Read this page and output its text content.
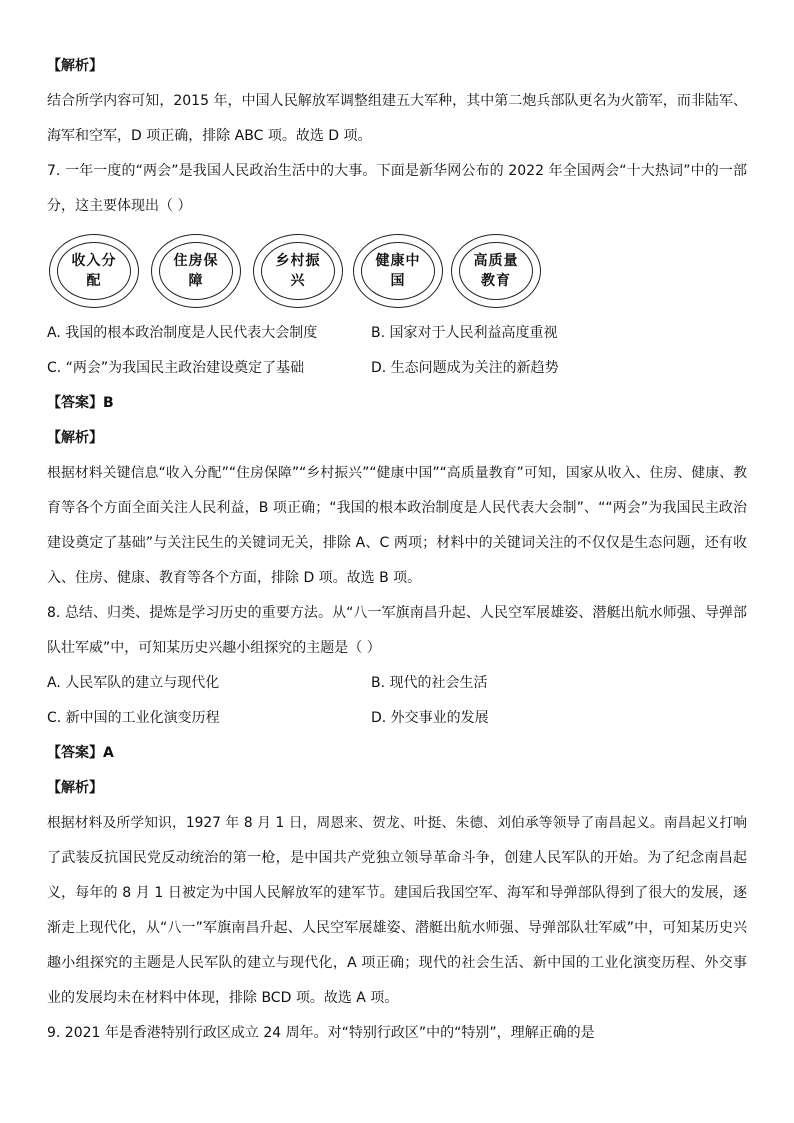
【解析】
结合所学内容可知，2015 年，中国人民解放军调整组建五大军种，其中第二炮兵部队更名为火箭军，而非陆军、
海军和空军，D 项正确，排除 ABC 项。故选 D 项。
7. 一年一度的“两会”是我国人民政治生活中的大事。下面是新华网公布的 2022 年全国两会“十大热词”中的一部
分，这主要体现出（ ）
收入分配
住房保障
乡村振兴
健康中国
高质量教育
A. 我国的根本政治制度是人民代表大会制度	B. 国家对于人民利益高度重视
C. “两会”为我国民主政治建设奠定了基础	D. 生态问题成为关注的新趋势
【答案】B
【解析】
根据材料关键信息“收入分配”“住房保障”“乡村振兴”“健康中国”“高质量教育”可知，国家从收入、住房、健康、教
育等各个方面全面关注人民利益，B 项正确；“我国的根本政治制度是人民代表大会制”、““两会”为我国民主政治
建设奠定了基础”与关注民生的关键词无关，排除 A、C 两项；材料中的关键词关注的不仅仅是生态问题，还有收
入、住房、健康、教育等各个方面，排除 D 项。故选 B 项。
8. 总结、归类、提炼是学习历史的重要方法。从“八一军旗南昌升起、人民空军展雄姿、潜艇出航水师强、导弹部
队壮军威”中，可知某历史兴趣小组探究的主题是（ ）
A. 人民军队的建立与现代化	B. 现代的社会生活
C. 新中国的工业化演变历程	D. 外交事业的发展
【答案】A
【解析】
根据材料及所学知识，1927 年 8 月 1 日，周恩来、贺龙、叶挺、朱德、刘伯承等领导了南昌起义。南昌起义打响
了武装反抗国民党反动统治的第一枪，是中国共产党独立领导革命斗争，创建人民军队的开始。为了纪念南昌起
义，每年的 8 月 1 日被定为中国人民解放军的建军节。建国后我国空军、海军和导弹部队得到了很大的发展，逐
渐走上现代化，从“八一”军旗南昌升起、人民空军展雄姿、潜艇出航水师强、导弹部队壮军威”中，可知某历史兴
趣小组探究的主题是人民军队的建立与现代化，A 项正确；现代的社会生活、新中国的工业化演变历程、外交事
业的发展均未在材料中体现，排除 BCD 项。故选 A 项。
9. 2021 年是香港特别行政区成立 24 周年。对“特别行政区”中的“特别”，理解正确的是
